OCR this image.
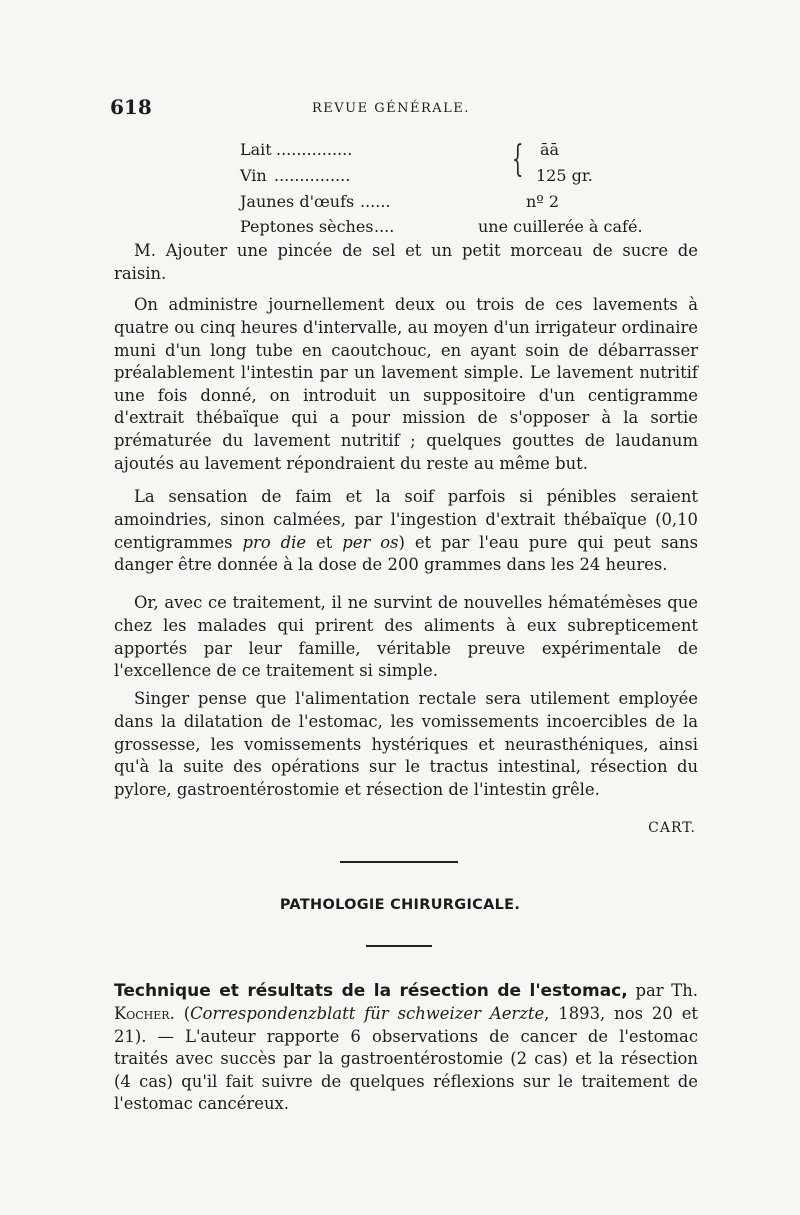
618	REVUE GÉNÉRALE.
Lait ...............	āā
Vin ...............	125 gr.
{
Jaunes d'œufs ......	nº 2
Peptones sèches ....	une cuillerée à café.

M. Ajouter une pincée de sel et un petit morceau de sucre de raisin.

On administre journellement deux ou trois de ces lavements à quatre ou cinq heures d'intervalle, au moyen d'un irrigateur ordinaire muni d'un long tube en caoutchouc, en ayant soin de débarrasser préalablement l'intestin par un lavement simple. Le lavement nutritif une fois donné, on introduit un suppositoire d'un centigramme d'extrait thébaïque qui a pour mission de s'opposer à la sortie prématurée du lavement nutritif ; quelques gouttes de laudanum ajoutés au lavement répondraient du reste au même but.

La sensation de faim et la soif parfois si pénibles seraient amoindries, sinon calmées, par l'ingestion d'extrait thébaïque (0,10 centigrammes pro die et per os) et par l'eau pure qui peut sans danger être donnée à la dose de 200 grammes dans les 24 heures.

Or, avec ce traitement, il ne survint de nouvelles hématémèses que chez les malades qui prirent des aliments à eux subrepticement apportés par leur famille, véritable preuve expérimentale de l'excellence de ce traitement si simple.

Singer pense que l'alimentation rectale sera utilement employée dans la dilatation de l'estomac, les vomissements incoercibles de la grossesse, les vomissements hystériques et neurasthéniques, ainsi qu'à la suite des opérations sur le tractus intestinal, résection du pylore, gastroentérostomie et résection de l'intestin grêle.

CART.
PATHOLOGIE CHIRURGICALE.

Technique et résultats de la résection de l'estomac, par Th. Kocher. (Correspondenzblatt für schweizer Aerzte, 1893, nos 20 et 21). — L'auteur rapporte 6 observations de cancer de l'estomac traités avec succès par la gastroentérostomie (2 cas) et la résection (4 cas) qu'il fait suivre de quelques réflexions sur le traitement de l'estomac cancéreux.
